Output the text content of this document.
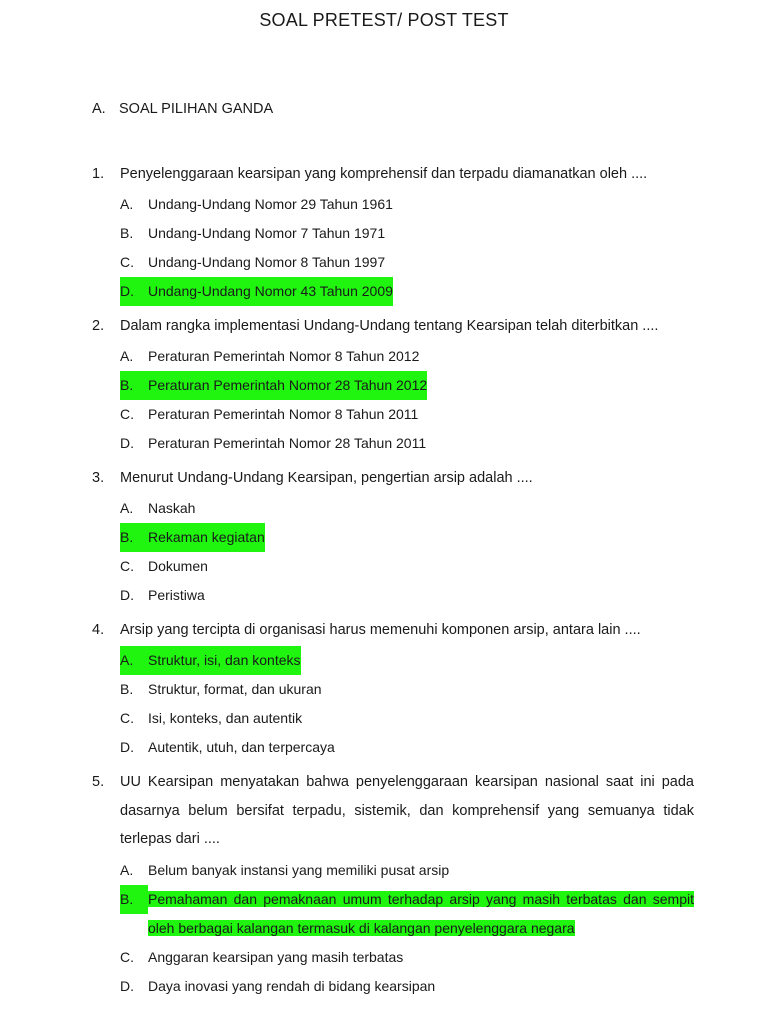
SOAL PRETEST/ POST TEST
A. SOAL PILIHAN GANDA
1.	Penyelenggaraan kearsipan yang komprehensif dan terpadu diamanatkan oleh ....
A.	Undang-Undang Nomor 29 Tahun 1961
B.	Undang-Undang Nomor 7 Tahun 1971
C.	Undang-Undang Nomor 8 Tahun 1997
D.	Undang-Undang Nomor 43 Tahun 2009
2.	Dalam rangka implementasi Undang-Undang tentang Kearsipan telah diterbitkan ....
A.	Peraturan Pemerintah Nomor 8 Tahun 2012
B.	Peraturan Pemerintah Nomor 28 Tahun 2012
C.	Peraturan Pemerintah Nomor 8 Tahun 2011
D.	Peraturan Pemerintah Nomor 28 Tahun 2011
3.	Menurut Undang-Undang Kearsipan, pengertian arsip adalah ....
A.	Naskah
B.	Rekaman kegiatan
C.	Dokumen
D.	Peristiwa
4.	Arsip yang tercipta di organisasi harus memenuhi komponen arsip, antara lain ....
A.	Struktur, isi, dan konteks
B.	Struktur, format, dan ukuran
C.	Isi, konteks, dan autentik
D.	Autentik, utuh, dan terpercaya
5.	UU Kearsipan menyatakan bahwa penyelenggaraan kearsipan nasional saat ini pada dasarnya belum bersifat terpadu, sistemik, dan komprehensif yang semuanya tidak terlepas dari ....
A.	Belum banyak instansi yang memiliki pusat arsip
B.	Pemahaman dan pemaknaan umum terhadap arsip yang masih terbatas dan sempit oleh berbagai kalangan termasuk di kalangan penyelenggara negara
C.	Anggaran kearsipan yang masih terbatas
D.	Daya inovasi yang rendah di bidang kearsipan
